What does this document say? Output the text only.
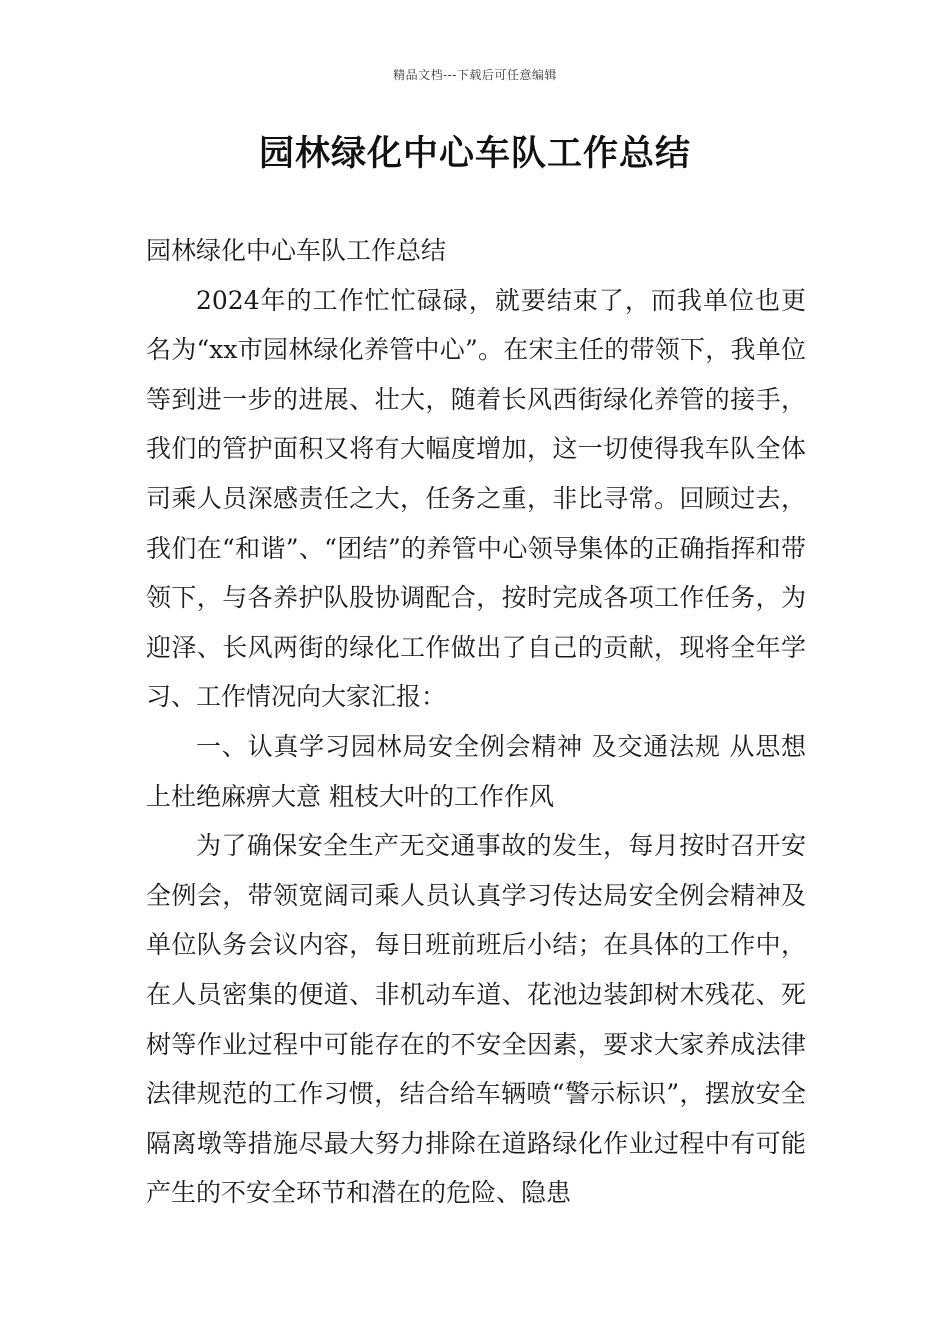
精品文档---下载后可任意编辑
园林绿化中心车队工作总结

园林绿化中心车队工作总结

2024年的工作忙忙碌碌，就要结束了，而我单位也更名为“xx市园林绿化养管中心”。在宋主任的带领下，我单位等到进一步的进展、壮大，随着长风西街绿化养管的接手，我们的管护面积又将有大幅度增加，这一切使得我车队全体司乘人员深感责任之大，任务之重，非比寻常。回顾过去，我们在“和谐”、“团结”的养管中心领导集体的正确指挥和带领下，与各养护队股协调配合，按时完成各项工作任务，为迎泽、长风两街的绿化工作做出了自己的贡献，现将全年学习、工作情况向大家汇报：

一、认真学习园林局安全例会精神 及交通法规 从思想上杜绝麻痹大意 粗枝大叶的工作作风

为了确保安全生产无交通事故的发生，每月按时召开安全例会，带领宽阔司乘人员认真学习传达局安全例会精神及单位队务会议内容，每日班前班后小结；在具体的工作中，在人员密集的便道、非机动车道、花池边装卸树木残花、死树等作业过程中可能存在的不安全因素，要求大家养成法律法律规范的工作习惯，结合给车辆喷“警示标识”，摆放安全隔离墩等措施尽最大努力排除在道路绿化作业过程中有可能产生的不安全环节和潜在的危险、隐患
